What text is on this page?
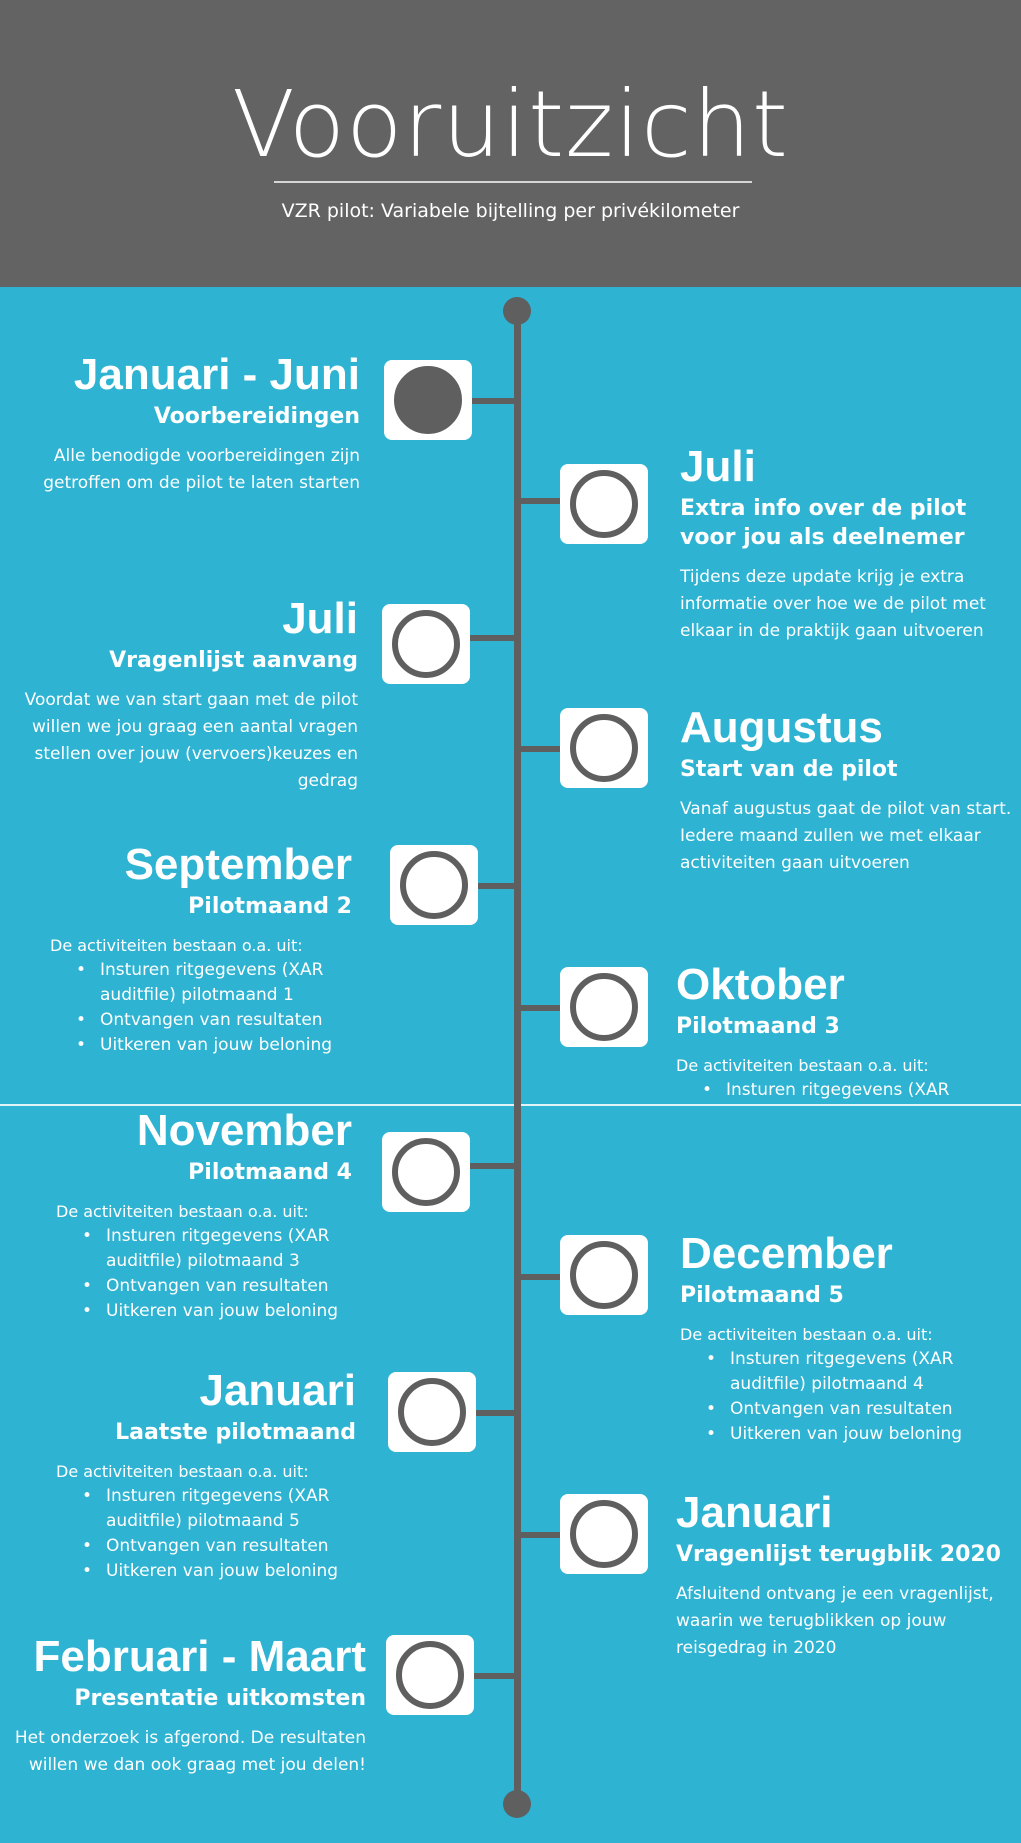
Vooruitzicht
VZR pilot: Variabele bijtelling per privékilometer
Januari - Juni
Voorbereidingen
Alle benodigde voorbereidingen zijn getroffen om de pilot te laten starten	Juli
Extra info over de pilot voor jou als deelnemer
Tijdens deze update krijg je extra informatie over hoe we de pilot met elkaar in de praktijk gaan uitvoeren
Juli
Vragenlijst aanvang
Voordat we van start gaan met de pilot willen we jou graag een aantal vragen stellen over jouw (vervoers)keuzes en gedrag
Augustus
Start van de pilot
Vanaf augustus gaat de pilot van start. Iedere maand zullen we met elkaar activiteiten gaan uitvoeren
September
Pilotmaand 2
De activiteiten bestaan o.a. uit:
• Insturen ritgegevens (XAR auditfile) pilotmaand 1
• Ontvangen van resultaten
• Uitkeren van jouw beloning
Oktober
Pilotmaand 3
De activiteiten bestaan o.a. uit:
• Insturen ritgegevens (XAR
November
Pilotmaand 4
De activiteiten bestaan o.a. uit:
• Insturen ritgegevens (XAR auditfile) pilotmaand 3
• Ontvangen van resultaten
• Uitkeren van jouw beloning
December
Pilotmaand 5
De activiteiten bestaan o.a. uit:
• Insturen ritgegevens (XAR auditfile) pilotmaand 4
• Ontvangen van resultaten
• Uitkeren van jouw beloning
Januari
Laatste pilotmaand
De activiteiten bestaan o.a. uit:
• Insturen ritgegevens (XAR auditfile) pilotmaand 5
• Ontvangen van resultaten
• Uitkeren van jouw beloning
Januari
Vragenlijst terugblik 2020
Afsluitend ontvang je een vragenlijst, waarin we terugblikken op jouw reisgedrag in 2020
Februari - Maart
Presentatie uitkomsten
Het onderzoek is afgerond. De resultaten willen we dan ook graag met jou delen!
